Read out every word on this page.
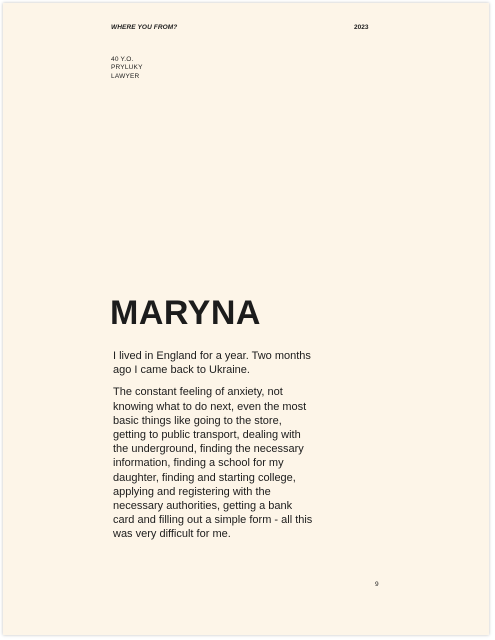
WHERE YOU FROM?	2023
40 Y.O.
PRYLUKY
LAWYER
MARYNA

I lived in England for a year. Two months ago I came back to Ukraine.

The constant feeling of anxiety, not knowing what to do next, even the most basic things like going to the store, getting to public transport, dealing with the underground, finding the necessary information, finding a school for my daughter, finding and starting college, applying and registering with the necessary authorities, getting a bank card and filling out a simple form - all this was very difficult for me.

9
